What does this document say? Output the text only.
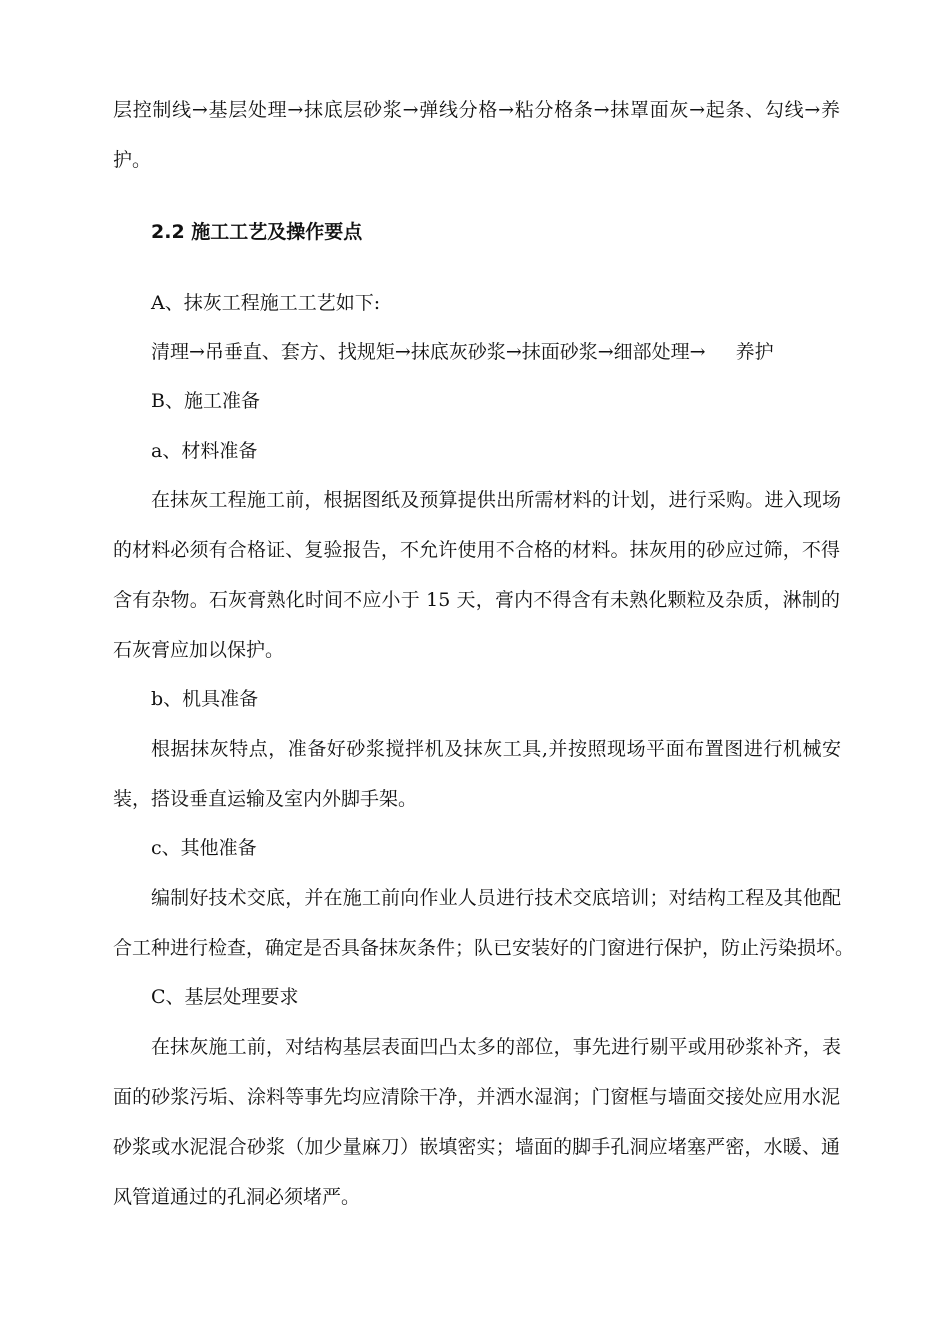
层控制线→基层处理→抹底层砂浆→弹线分格→粘分格条→抹罩面灰→起条、勾线→养
护。
2.2 施工工艺及操作要点
A、抹灰工程施工工艺如下:
清理→吊垂直、套方、找规矩→抹底灰砂浆→抹面砂浆→细部处理→ 养护
B、施工准备
a、材料准备
在抹灰工程施工前，根据图纸及预算提供出所需材料的计划，进行采购。进入现场
的材料必须有合格证、复验报告，不允许使用不合格的材料。抹灰用的砂应过筛，不得
含有杂物。石灰膏熟化时间不应小于 15 天，膏内不得含有未熟化颗粒及杂质，淋制的
石灰膏应加以保护。
b、机具准备
根据抹灰特点，准备好砂浆搅拌机及抹灰工具,并按照现场平面布置图进行机械安
装，搭设垂直运输及室内外脚手架。
c、其他准备
编制好技术交底，并在施工前向作业人员进行技术交底培训；对结构工程及其他配
合工种进行检查，确定是否具备抹灰条件；队已安装好的门窗进行保护，防止污染损坏。
C、基层处理要求
在抹灰施工前，对结构基层表面凹凸太多的部位，事先进行剔平或用砂浆补齐，表
面的砂浆污垢、涂料等事先均应清除干净，并洒水湿润；门窗框与墙面交接处应用水泥
砂浆或水泥混合砂浆（加少量麻刀）嵌填密实；墙面的脚手孔洞应堵塞严密，水暖、通
风管道通过的孔洞必须堵严。
